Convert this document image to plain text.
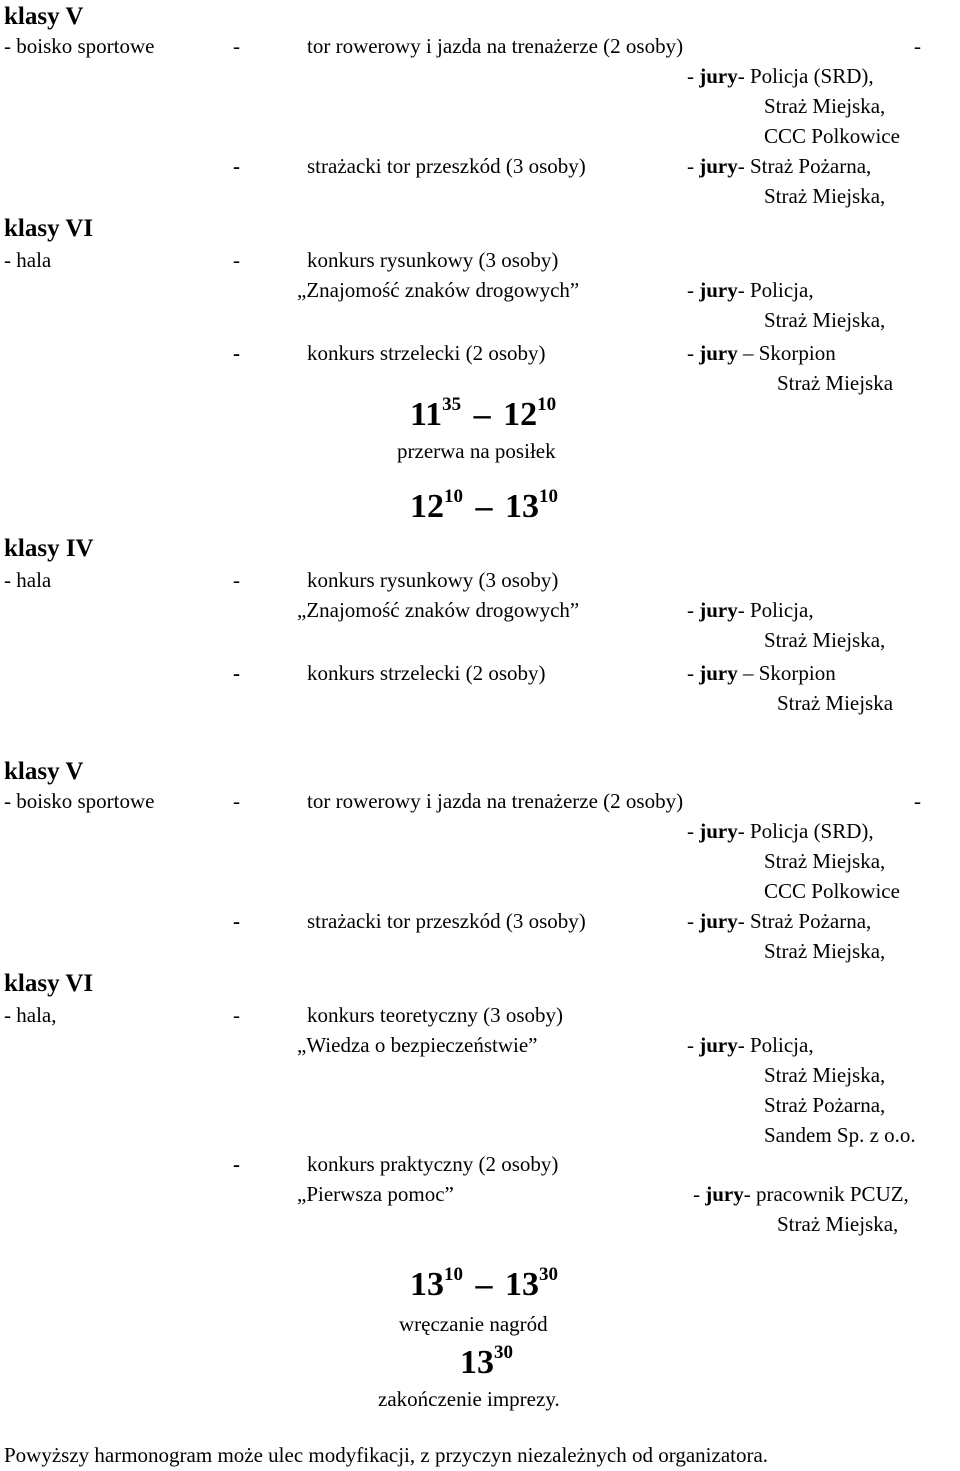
klasy V
- boisko sportowe	-	tor rowerowy i jazda na trenażerze (2 osoby)	-
- jury- Policja (SRD),
Straż Miejska,
CCC Polkowice
-	strażacki tor przeszkód (3 osoby)	- jury- Straż Pożarna,
Straż Miejska,
klasy VI
- hala	-	konkurs rysunkowy (3 osoby)
„Znajomość znaków drogowych”	- jury- Policja,
Straż Miejska,
-	konkurs strzelecki (2 osoby)	- jury – Skorpion
Straż Miejska
$11^{35} - 12^{10}$
przerwa na posiłek
$12^{10} - 13^{10}$
klasy IV
- hala	-	konkurs rysunkowy (3 osoby)
„Znajomość znaków drogowych”	- jury- Policja,
Straż Miejska,
-	konkurs strzelecki (2 osoby)	- jury – Skorpion
Straż Miejska
klasy V
- boisko sportowe	-	tor rowerowy i jazda na trenażerze (2 osoby)	-
- jury- Policja (SRD),
Straż Miejska,
CCC Polkowice
-	strażacki tor przeszkód (3 osoby)	- jury- Straż Pożarna,
Straż Miejska,
klasy VI
- hala,	-	konkurs teoretyczny (3 osoby)
„Wiedza o bezpieczeństwie”	- jury- Policja,
Straż Miejska,
Straż Pożarna,
Sandem Sp. z o.o.
-	konkurs praktyczny (2 osoby)
„Pierwsza pomoc”	- jury- pracownik PCUZ,
Straż Miejska,
$13^{10} - 13^{30}$
wręczanie nagród
$13^{30}$
zakończenie imprezy.
Powyższy harmonogram może ulec modyfikacji, z przyczyn niezależnych od organizatora.
